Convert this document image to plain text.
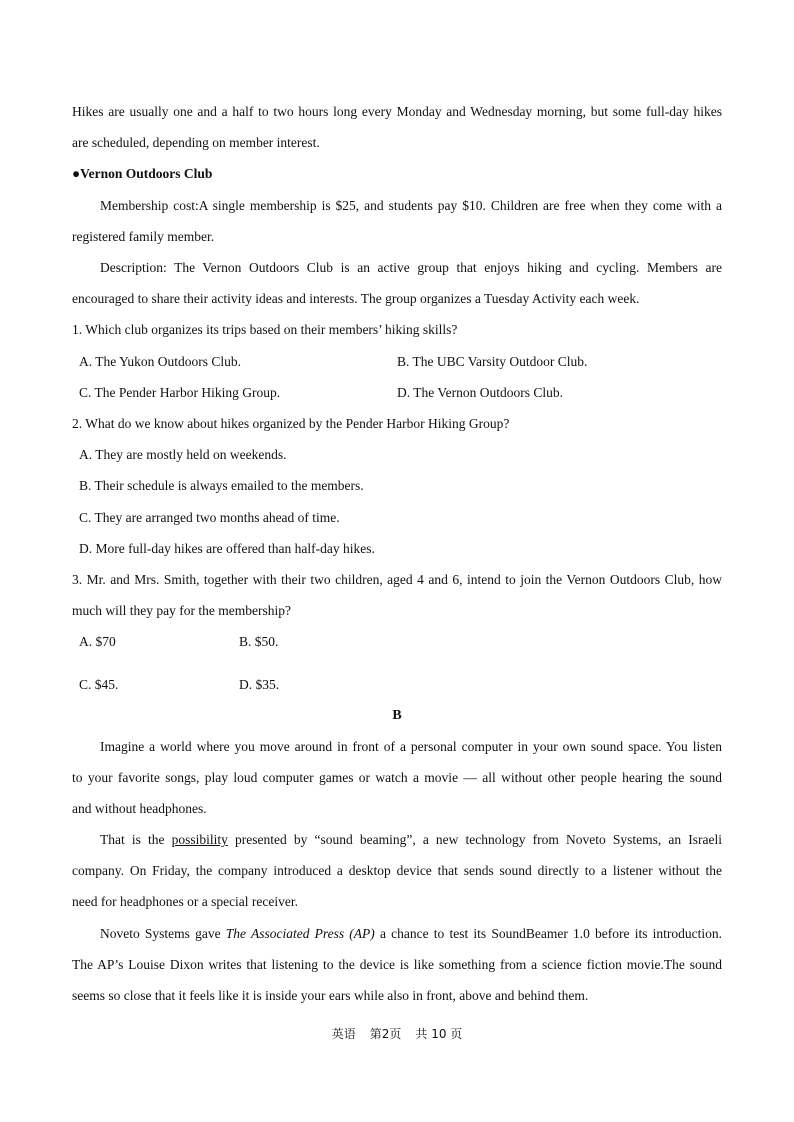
Hikes are usually one and a half to two hours long every Monday and Wednesday morning, but some full-day hikes
are scheduled, depending on member interest.
●Vernon Outdoors Club
Membership cost:A single membership is $25, and students pay $10. Children are free when they come with a
registered family member.
Description: The Vernon Outdoors Club is an active group that enjoys hiking and cycling. Members are
encouraged to share their activity ideas and interests. The group organizes a Tuesday Activity each week.
1. Which club organizes its trips based on their members’ hiking skills?
A. The Yukon Outdoors Club.	B. The UBC Varsity Outdoor Club.
C. The Pender Harbor Hiking Group.	D. The Vernon Outdoors Club.
2. What do we know about hikes organized by the Pender Harbor Hiking Group?
A. They are mostly held on weekends.
B. Their schedule is always emailed to the members.
C. They are arranged two months ahead of time.
D. More full-day hikes are offered than half-day hikes.
3. Mr. and Mrs. Smith, together with their two children, aged 4 and 6, intend to join the Vernon Outdoors Club, how
much will they pay for the membership?
A. $70	B. $50.
C. $45.	D. $35.
B
Imagine a world where you move around in front of a personal computer in your own sound space. You listen
to your favorite songs, play loud computer games or watch a movie — all without other people hearing the sound
and without headphones.
That is the possibility presented by “sound beaming”, a new technology from Noveto Systems, an Israeli
company. On Friday, the company introduced a desktop device that sends sound directly to a listener without the
need for headphones or a special receiver.
Noveto Systems gave The Associated Press (AP) a chance to test its SoundBeamer 1.0 before its introduction.
The AP’s Louise Dixon writes that listening to the device is like something from a science fiction movie.The sound
seems so close that it feels like it is inside your ears while also in front, above and behind them.
英语 第2页 共 10 页
